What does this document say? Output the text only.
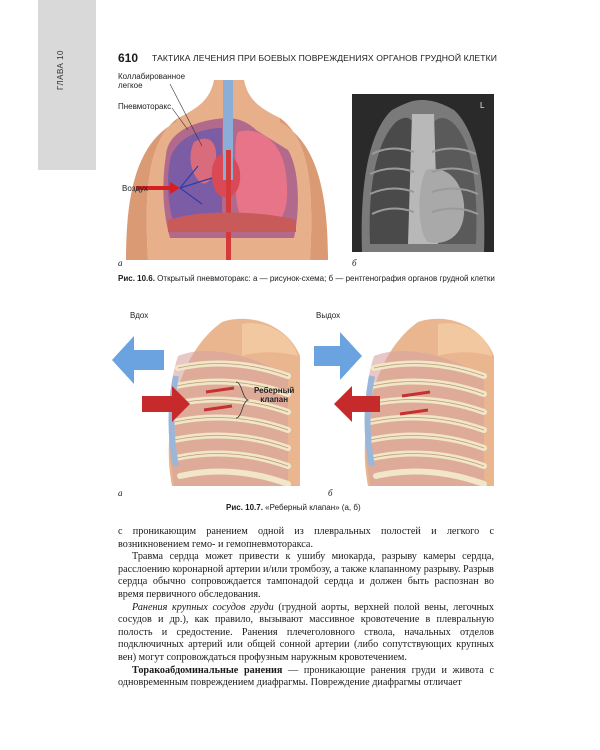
ГЛАВА 10	610 ТАКТИКА ЛЕЧЕНИЯ ПРИ БОЕВЫХ ПОВРЕЖДЕНИЯХ ОРГАНОВ ГРУДНОЙ КЛЕТКИ
Коллабированное
легкое
Пневмоторакс
Воздух
а
L
б
Рис. 10.6. Открытый пневмоторакс: а — рисунок-схема; б — рентгенография органов грудной клетки
Вдох
Реберный
клапан
а
Выдох
б
Рис. 10.7. «Реберный клапан» (а, б)

с проникающим ранением одной из плевральных полостей и легкого с возникновением гемо- и гемопневмоторакса.

Травма сердца может привести к ушибу миокарда, разрыву камеры сердца, расслоению коронарной артерии и/или тромбозу, а также клапанному разрыву. Разрыв сердца обычно сопровождается тампонадой сердца и должен быть распознан во время первичного обследования.

Ранения крупных сосудов груди (грудной аорты, верхней полой вены, легочных сосудов и др.), как правило, вызывают массивное кровотечение в плевральную полость и средостение. Ранения плечеголовного ствола, начальных отделов подключичных артерий или общей сонной артерии (либо сопутствующих крупных вен) могут сопровождаться профузным наружным кровотечением.

Торакоабдоминальные ранения — проникающие ранения груди и живота с одновременным повреждением диафрагмы. Повреждение диафрагмы отличает
